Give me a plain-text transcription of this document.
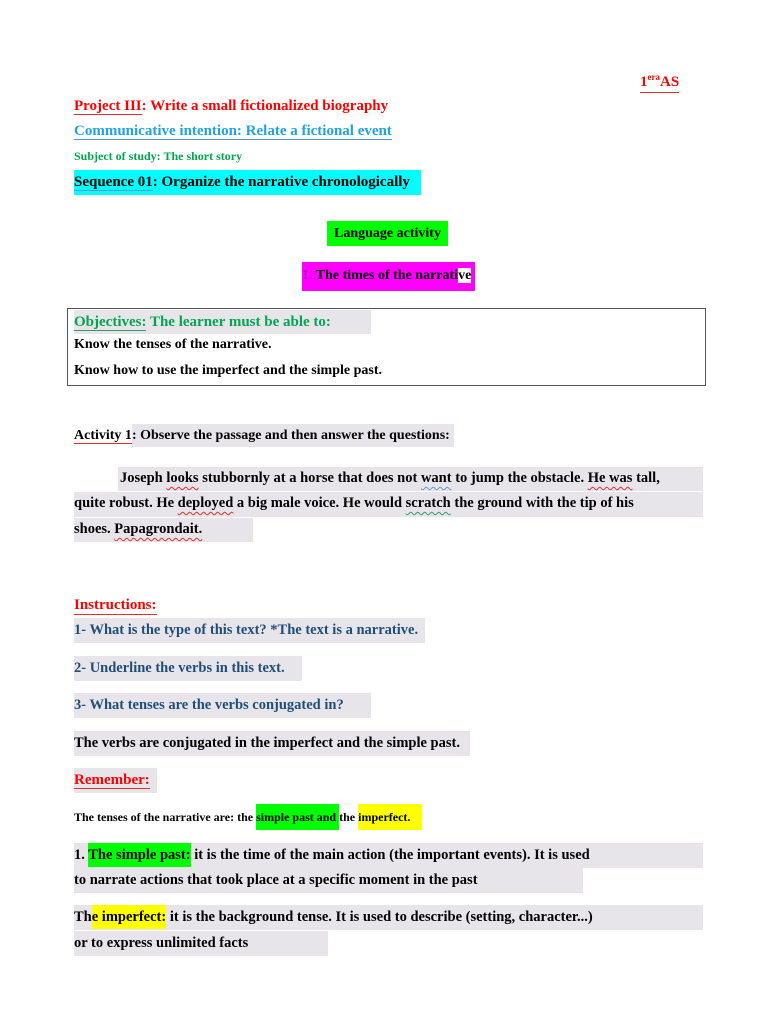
$1^{era}AS$
Project III: Write a small fictionalized biography
Communicative intention: Relate a fictional event
Subject of study: The short story
Sequence 01: Organize the narrative chronologically
Language activity
1. The times of the narrative
Objectives: The learner must be able to:
Know the tenses of the narrative.
Know how to use the imperfect and the simple past.
Activity 1: Observe the passage and then answer the questions:
Joseph looks stubbornly at a horse that does not want to jump the obstacle. He was tall,
quite robust. He deployed a big male voice. He would scratch the ground with the tip of his
shoes. Papagrondait.
Instructions:
1- What is the type of this text? *The text is a narrative.
2- Underline the verbs in this text.
3- What tenses are the verbs conjugated in?
The verbs are conjugated in the imperfect and the simple past.
Remember:
The tenses of the narrative are: the simple past and the imperfect.
1. The simple past: it is the time of the main action (the important events). It is used
to narrate actions that took place at a specific moment in the past
The imperfect: it is the background tense. It is used to describe (setting, character...)
or to express unlimited facts
